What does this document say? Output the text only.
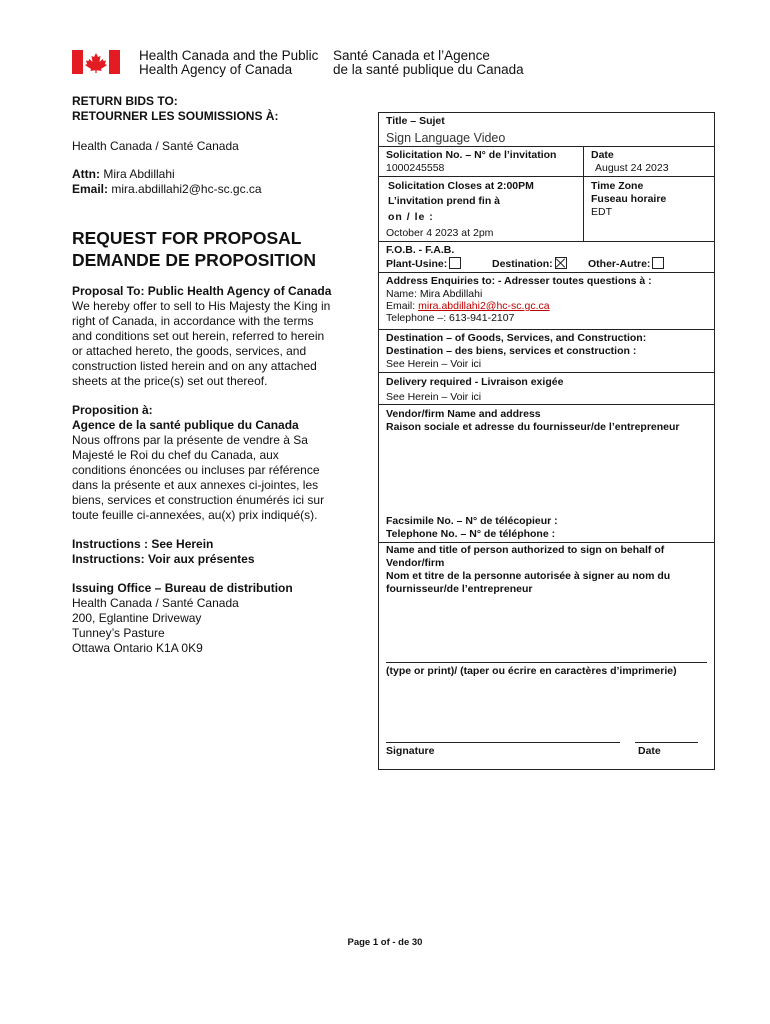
Health Canada and the Public
Health Agency of Canada
Santé Canada et l’Agence
de la santé publique du Canada
RETURN BIDS TO:
RETOURNER LES SOUMISSIONS À:
Health Canada / Santé Canada
Attn: Mira Abdillahi
Email: mira.abdillahi2@hc-sc.gc.ca
REQUEST FOR PROPOSAL
DEMANDE DE PROPOSITION
Proposal To: Public Health Agency of Canada
We hereby offer to sell to His Majesty the King in
right of Canada, in accordance with the terms
and conditions set out herein, referred to herein
or attached hereto, the goods, services, and
construction listed herein and on any attached
sheets at the price(s) set out thereof.
Proposition à:
Agence de la santé publique du Canada
Nous offrons par la présente de vendre à Sa
Majesté le Roi du chef du Canada, aux
conditions énoncées ou incluses par référence
dans la présente et aux annexes ci-jointes, les
biens, services et construction énumérés ici sur
toute feuille ci-annexées, au(x) prix indiqué(s).
Instructions : See Herein
Instructions: Voir aux présentes
Issuing Office – Bureau de distribution
Health Canada / Santé Canada
200, Eglantine Driveway
Tunney’s Pasture
Ottawa Ontario K1A 0K9
Title – Sujet
Sign Language Video
Solicitation No. – N° de l’invitation
1000245558
Date
August 24 2023
Solicitation Closes at 2:00PM
L’invitation prend fin à
on / le :
October 4 2023 at 2pm
Time Zone
Fuseau horaire
EDT
F.O.B. - F.A.B.
Plant-Usine:	Destination:	Other-Autre:
Address Enquiries to: - Adresser toutes questions à :
Name: Mira Abdillahi
Email: mira.abdillahi2@hc-sc.gc.ca
Telephone –: 613-941-2107
Destination – of Goods, Services, and Construction:
Destination – des biens, services et construction :
See Herein – Voir ici
Delivery required - Livraison exigée
See Herein – Voir ici
Vendor/firm Name and address
Raison sociale et adresse du fournisseur/de l’entrepreneur
Facsimile No. – N° de télécopieur :
Telephone No. – N° de téléphone :
Name and title of person authorized to sign on behalf of
Vendor/firm
Nom et titre de la personne autorisée à signer au nom du
fournisseur/de l’entrepreneur
(type or print)/ (taper ou écrire en caractères d’imprimerie)
Signature	Date
Page 1 of - de 30
